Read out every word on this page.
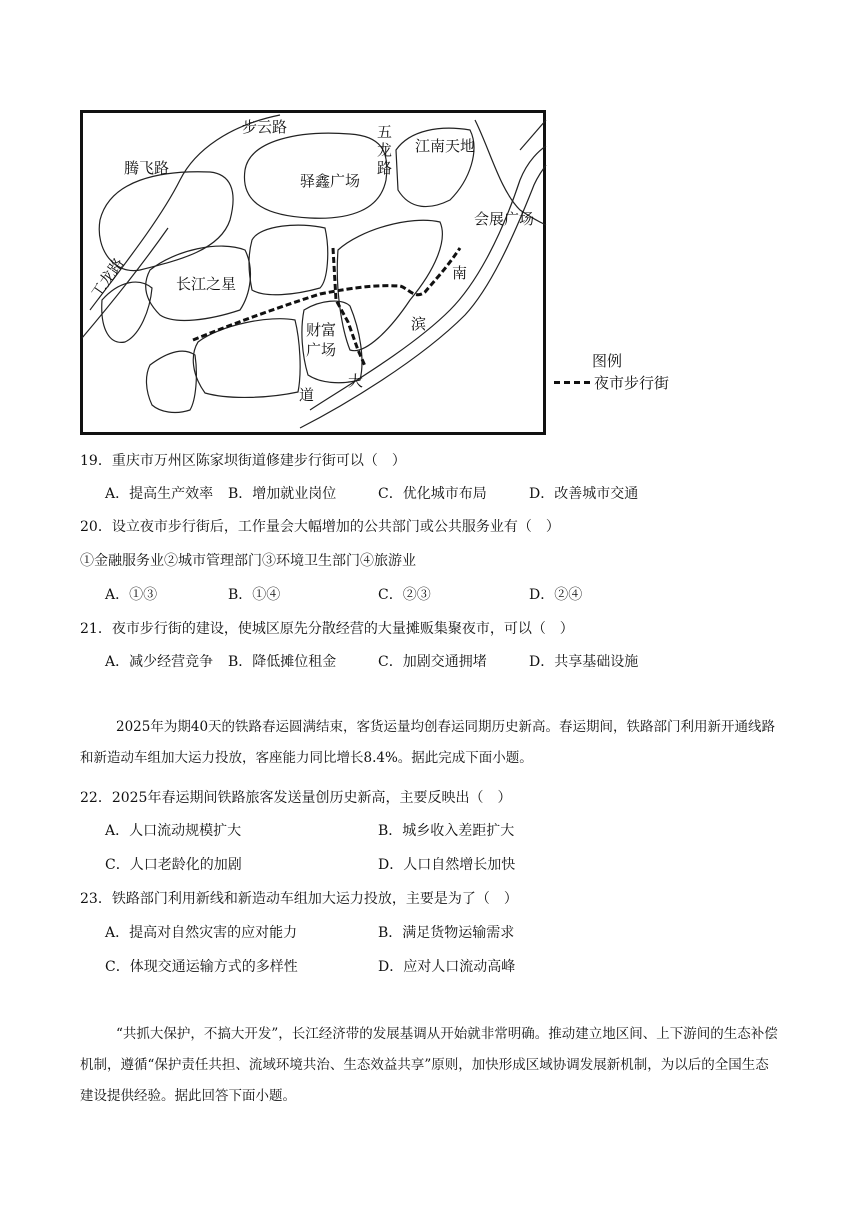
步云路
腾飞路
驿鑫广场
五龙路 江南天地
会展广场
长江之星
工龙路
财富广场
南
滨
大
道
图例
夜市步行街
19．重庆市万州区陈家坝街道修建步行街可以（　）
A．提高生产效率 B．增加就业岗位	C．优化城市布局	D．改善城市交通
20．设立夜市步行街后，工作量会大幅增加的公共部门或公共服务业有（　）
①金融服务业②城市管理部门③环境卫生部门④旅游业
A．①③	B．①④	C．②③	D．②④
21．夜市步行街的建设，使城区原先分散经营的大量摊贩集聚夜市，可以（　）
A．减少经营竞争 B．降低摊位租金	C．加剧交通拥堵	D．共享基础设施
2025年为期40天的铁路春运圆满结束，客货运量均创春运同期历史新高。春运期间，铁路部门利用新开通线路和新造动车组加大运力投放，客座能力同比增长8.4%。据此完成下面小题。
22．2025年春运期间铁路旅客发送量创历史新高，主要反映出（　）
A．人口流动规模扩大	B．城乡收入差距扩大
C．人口老龄化的加剧	D．人口自然增长加快
23．铁路部门利用新线和新造动车组加大运力投放，主要是为了（　）
A．提高对自然灾害的应对能力	B．满足货物运输需求
C．体现交通运输方式的多样性	D．应对人口流动高峰
“共抓大保护，不搞大开发”，长江经济带的发展基调从开始就非常明确。推动建立地区间、上下游间的生态补偿机制，遵循“保护责任共担、流域环境共治、生态效益共享”原则，加快形成区域协调发展新机制，为以后的全国生态建设提供经验。据此回答下面小题。
